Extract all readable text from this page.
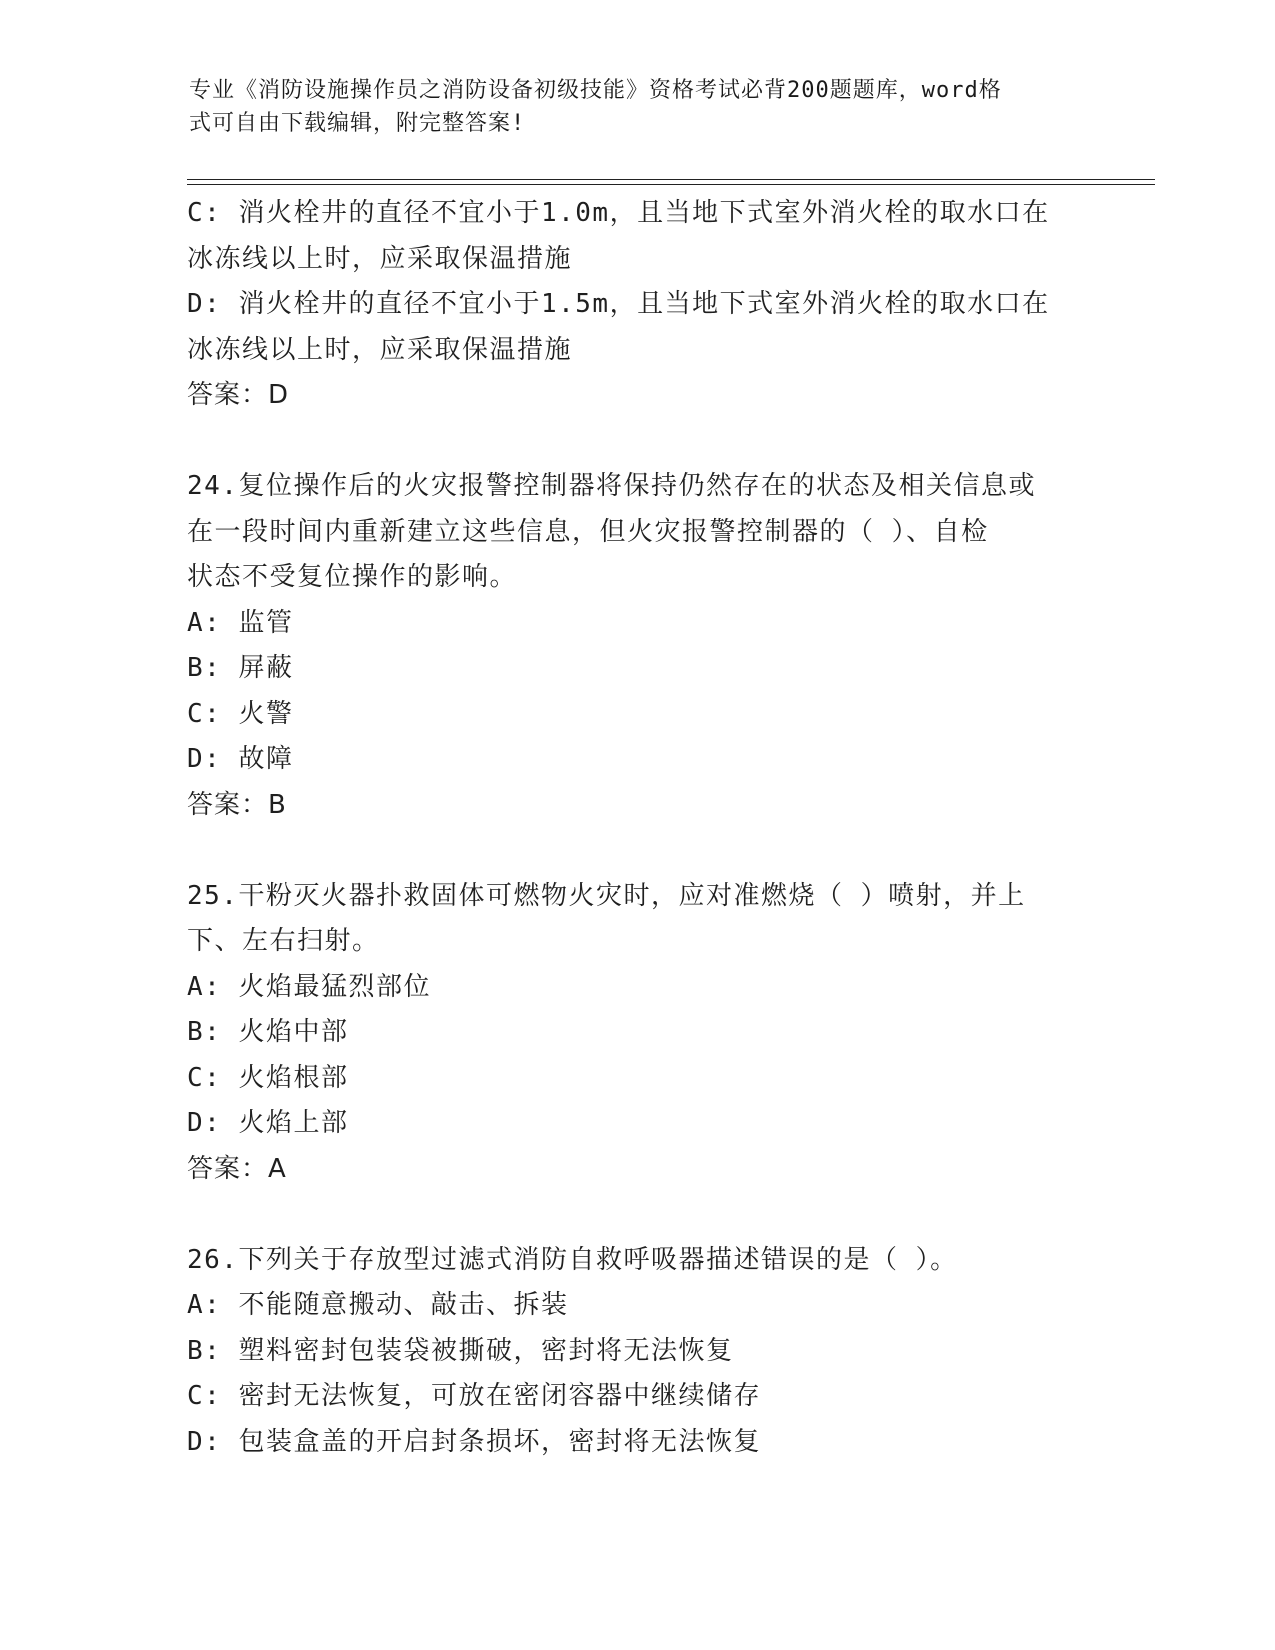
专业《消防设施操作员之消防设备初级技能》资格考试必背200题题库，word格
式可自由下载编辑，附完整答案!
C: 消火栓井的直径不宜小于1.0m，且当地下式室外消火栓的取水口在
冰冻线以上时，应采取保温措施
D: 消火栓井的直径不宜小于1.5m，且当地下式室外消火栓的取水口在
冰冻线以上时，应采取保温措施
答案：D
24.复位操作后的火灾报警控制器将保持仍然存在的状态及相关信息或
在一段时间内重新建立这些信息，但火灾报警控制器的（ ）、自检
状态不受复位操作的影响。
A: 监管
B: 屏蔽
C: 火警
D: 故障
答案：B
25.干粉灭火器扑救固体可燃物火灾时，应对准燃烧（ ）喷射，并上
下、左右扫射。
A: 火焰最猛烈部位
B: 火焰中部
C: 火焰根部
D: 火焰上部
答案：A
26.下列关于存放型过滤式消防自救呼吸器描述错误的是（ ）。
A: 不能随意搬动、敲击、拆装
B: 塑料密封包装袋被撕破，密封将无法恢复
C: 密封无法恢复，可放在密闭容器中继续储存
D: 包装盒盖的开启封条损坏，密封将无法恢复
